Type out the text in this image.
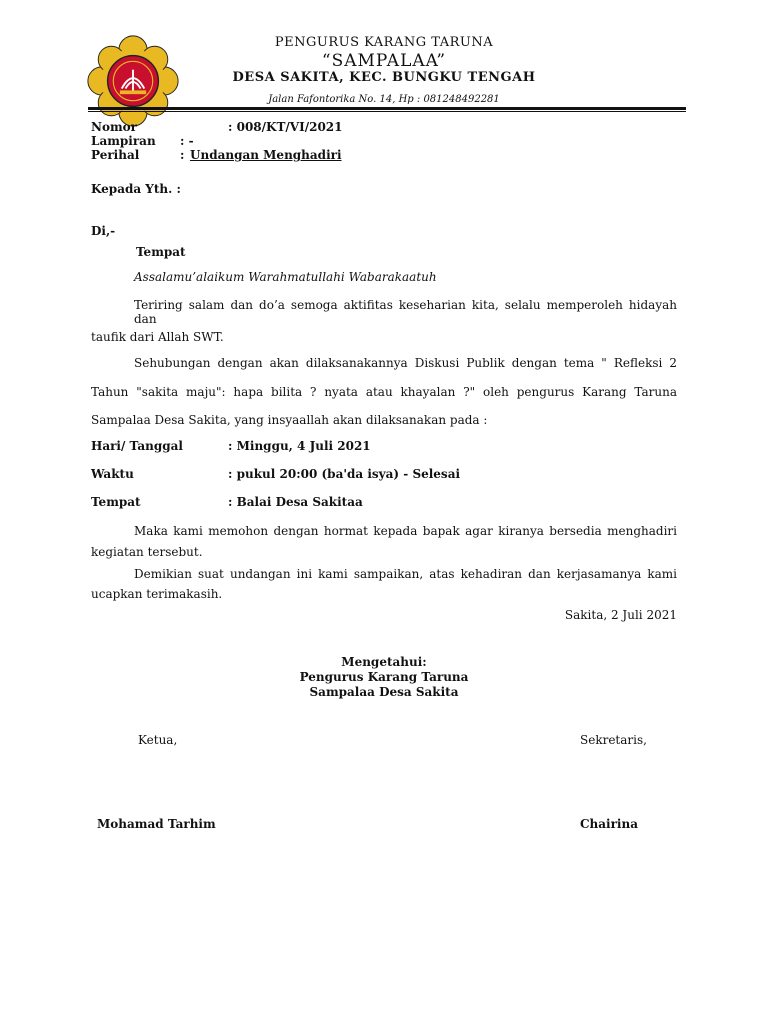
PENGURUS KARANG TARUNA
“SAMPALAA”
DESA SAKITA, KEC. BUNGKU TENGAH
Jalan Fafontorika No. 14, Hp : 081248492281
Nomor	: 008/KT/VI/2021
Lampiran : -
Perihal	: Undangan Menghadiri
Kepada Yth. :
Di,-
Tempat
Assalamu’alaikum Warahmatullahi Wabarakaatuh
Teriring salam dan do’a semoga aktifitas keseharian kita, selalu memperoleh hidayah dan
taufik dari Allah SWT.
Sehubungan dengan akan dilaksanakannya Diskusi Publik dengan tema " Refleksi 2
Tahun "sakita maju": hapa bilita ? nyata atau khayalan ?" oleh pengurus Karang Taruna
Sampalaa Desa Sakita, yang insyaallah akan dilaksanakan pada :
Hari/ Tanggal	: Minggu, 4 Juli 2021
Waktu	: pukul 20:00 (ba'da isya) - Selesai
Tempat	: Balai Desa Sakitaa
Maka kami memohon dengan hormat kepada bapak agar kiranya bersedia menghadiri
kegiatan tersebut.
Demikian suat undangan ini kami sampaikan, atas kehadiran dan kerjasamanya kami
ucapkan terimakasih.
Sakita, 2 Juli 2021
Mengetahui:
Pengurus Karang Taruna
Sampalaa Desa Sakita
Ketua,	Sekretaris,
Mohamad Tarhim	Chairina
